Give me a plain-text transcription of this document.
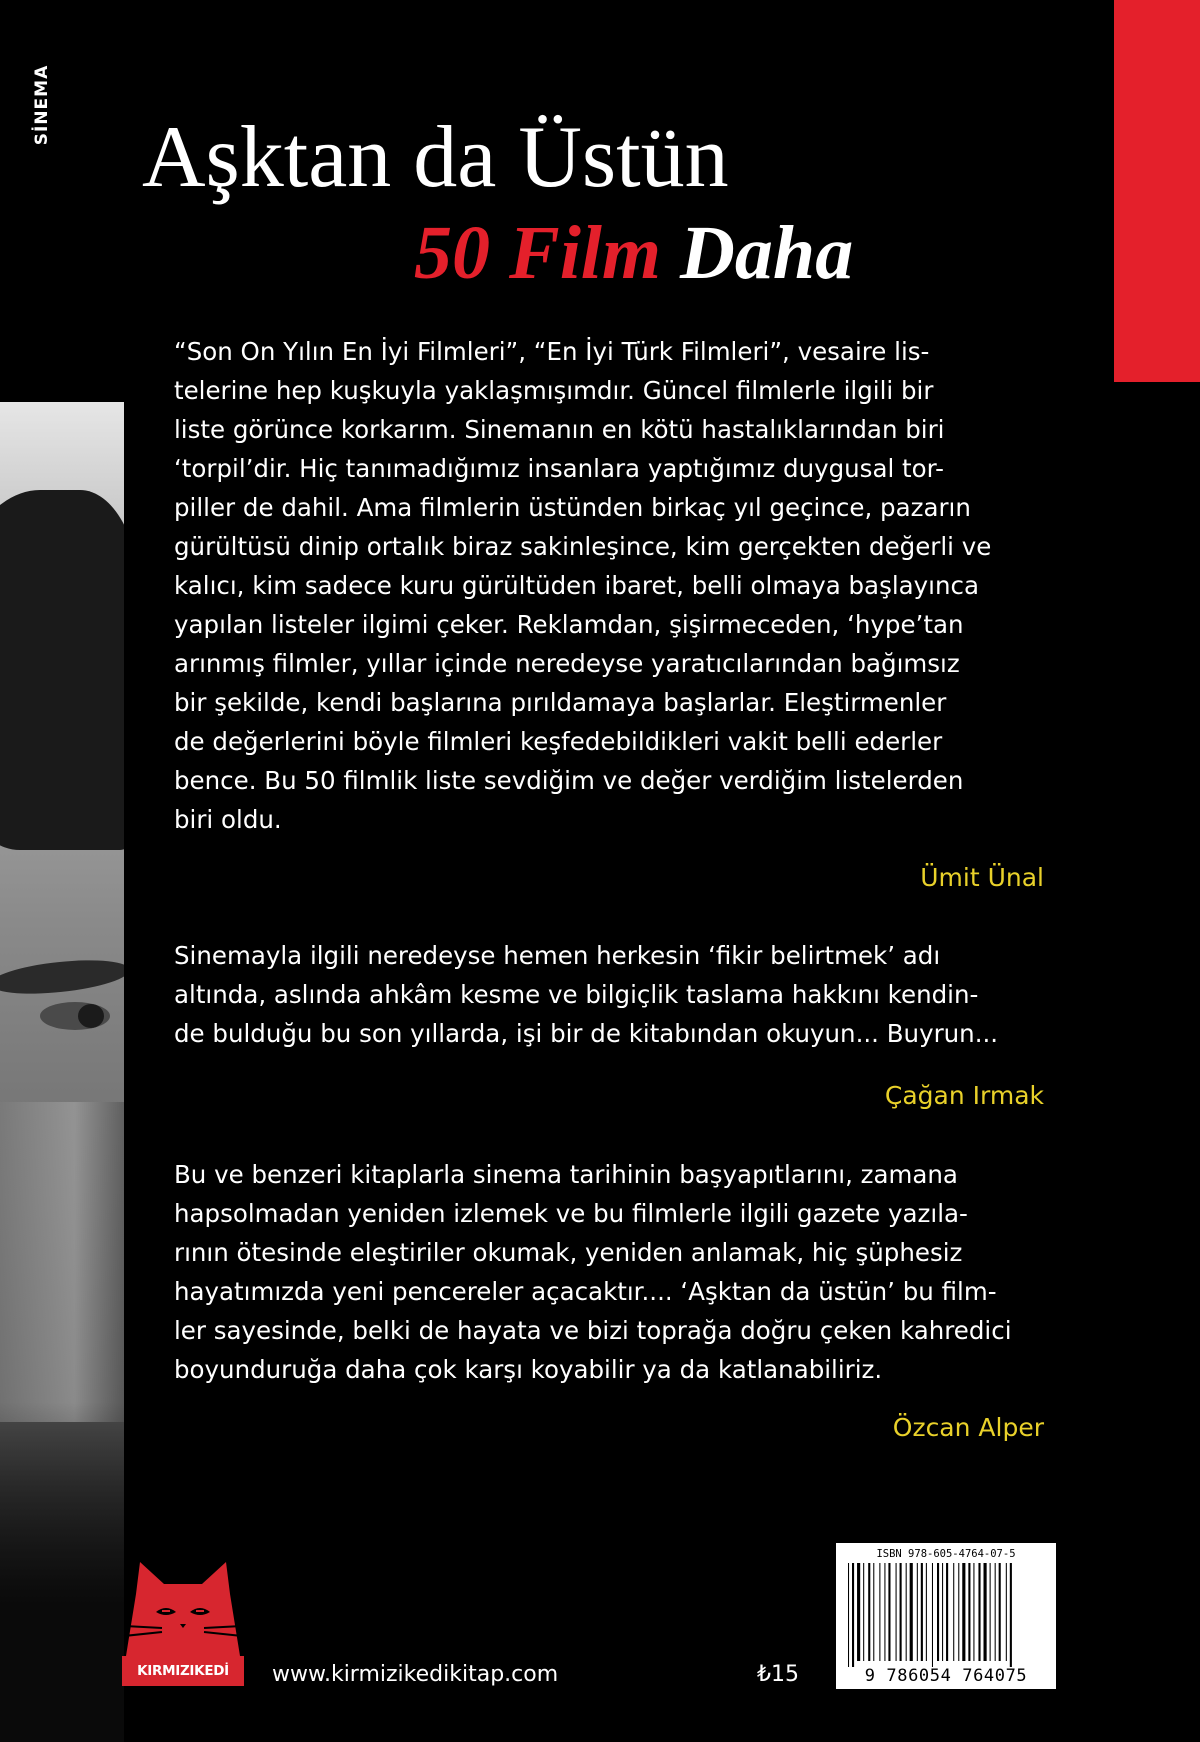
SİNEMA
Aşktan da Üstün
50 Film Daha

“Son On Yılın En İyi Filmleri”, “En İyi Türk Filmleri”, vesaire lis-
telerine hep kuşkuyla yaklaşmışımdır. Güncel filmlerle ilgili bir
liste görünce korkarım. Sinemanın en kötü hastalıklarından biri
‘torpil’dir. Hiç tanımadığımız insanlara yaptığımız duygusal tor-
piller de dahil. Ama filmlerin üstünden birkaç yıl geçince, pazarın
gürültüsü dinip ortalık biraz sakinleşince, kim gerçekten değerli ve
kalıcı, kim sadece kuru gürültüden ibaret, belli olmaya başlayınca
yapılan listeler ilgimi çeker. Reklamdan, şişirmeceden, ‘hype’tan
arınmış filmler, yıllar içinde neredeyse yaratıcılarından bağımsız
bir şekilde, kendi başlarına pırıldamaya başlarlar. Eleştirmenler
de değerlerini böyle filmleri keşfedebildikleri vakit belli ederler
bence. Bu 50 filmlik liste sevdiğim ve değer verdiğim listelerden
biri oldu.

Ümit Ünal

Sinemayla ilgili neredeyse hemen herkesin ‘fikir belirtmek’ adı
altında, aslında ahkâm kesme ve bilgiçlik taslama hakkını kendin-
de bulduğu bu son yıllarda, işi bir de kitabından okuyun... Buyrun...

Çağan Irmak

Bu ve benzeri kitaplarla sinema tarihinin başyapıtlarını, zamana
hapsolmadan yeniden izlemek ve bu filmlerle ilgili gazete yazıla-
rının ötesinde eleştiriler okumak, yeniden anlamak, hiç şüphesiz
hayatımızda yeni pencereler açacaktır.... ‘Aşktan da üstün’ bu film-
ler sayesinde, belki de hayata ve bizi toprağa doğru çeken kahredici
boyunduruğa daha çok karşı koyabilir ya da katlanabiliriz.

Özcan Alper
KIRMIZIKEDİ	www.kirmizikedikitap.com	₺15
ISBN 978-605-4764-07-5
9 786054 764075
